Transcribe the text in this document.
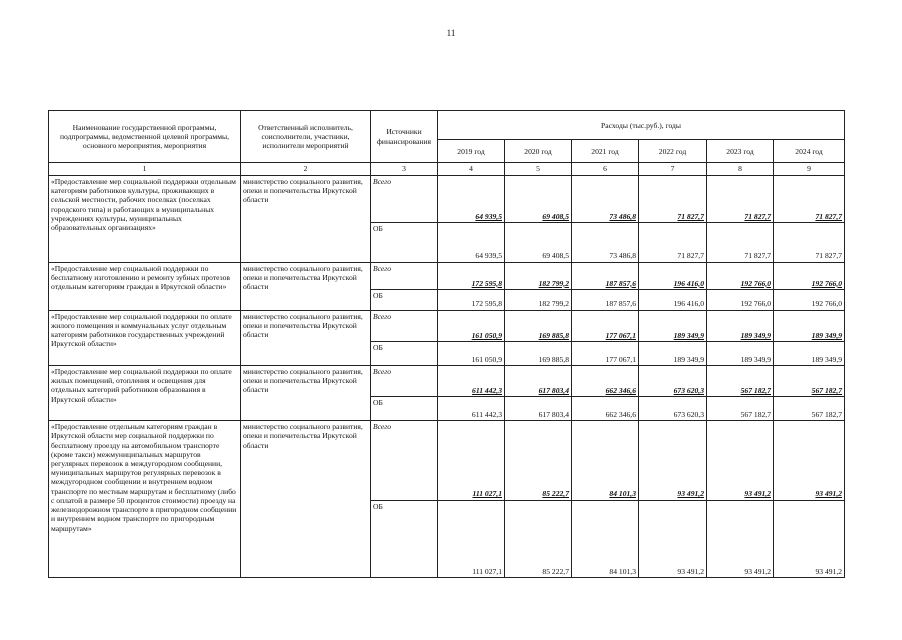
11
Наименование государственной программы, подпрограммы, ведомственной целевой программы, основного мероприятия, мероприятия	Ответственный исполнитель, соисполнители, участники, исполнители мероприятий	Источники финансирования	Расходы (тыс.руб.), годы					
			2019 год	2020 год	2021 год	2022 год	2023 год	2024 год
1	2	3	4	5	6	7	8	9
«Предоставление мер социальной поддержки отдельным категориям работников культуры, проживающих в сельской местности, рабочих поселках (поселках городского типа) и работающих в муниципальных учреждениях культуры, муниципальных образовательных организациях»	министерство социального развития, опеки и попечительства Иркутской области	Всего	64 939,5	69 408,5	73 486,8	71 827,7	71 827,7	71 827,7
		ОБ	64 939,5	69 408,5	73 486,8	71 827,7	71 827,7	71 827,7
«Предоставление мер социальной поддержки по бесплатному изготовлению и ремонту зубных протезов отдельным категориям граждан в Иркутской области»	министерство социального развития, опеки и попечительства Иркутской области	Всего	172 595,8	182 799,2	187 857,6	196 416,0	192 766,0	192 766,0
		ОБ	172 595,8	182 799,2	187 857,6	196 416,0	192 766,0	192 766,0
«Предоставление мер социальной поддержки по оплате жилого помещения и коммунальных услуг отдельным категориям работников государственных учреждений Иркутской области»	министерство социального развития, опеки и попечительства Иркутской области	Всего	161 050,9	169 885,8	177 067,1	189 349,9	189 349,9	189 349,9
		ОБ	161 050,9	169 885,8	177 067,1	189 349,9	189 349,9	189 349,9
«Предоставление мер социальной поддержки по оплате жилых помещений, отопления и освещения для отдельных категорий работников образования в Иркутской области»	министерство социального развития, опеки и попечительства Иркутской области	Всего	611 442,3	617 803,4	662 346,6	673 620,3	567 182,7	567 182,7
		ОБ	611 442,3	617 803,4	662 346,6	673 620,3	567 182,7	567 182,7
«Предоставление отдельным категориям граждан в Иркутской области мер социальной поддержки по бесплатному проезду на автомобильном транспорте (кроме такси) межмуниципальных маршрутов регулярных перевозок в междугородном сообщении, муниципальных маршрутов регулярных перевозок в междугородном сообщении и внутреннем водном транспорте по местным маршрутам и бесплатному (либо с оплатой в размере 50 процентов стоимости) проезду на железнодорожном транспорте в пригородном сообщении и внутреннем водном транспорте по пригородным маршрутам»	министерство социального развития, опеки и попечительства Иркутской области	Всего	111 027,1	85 222,7	84 101,3	93 491,2	93 491,2	93 491,2
		ОБ	111 027,1	85 222,7	84 101,3	93 491,2	93 491,2	93 491,2
